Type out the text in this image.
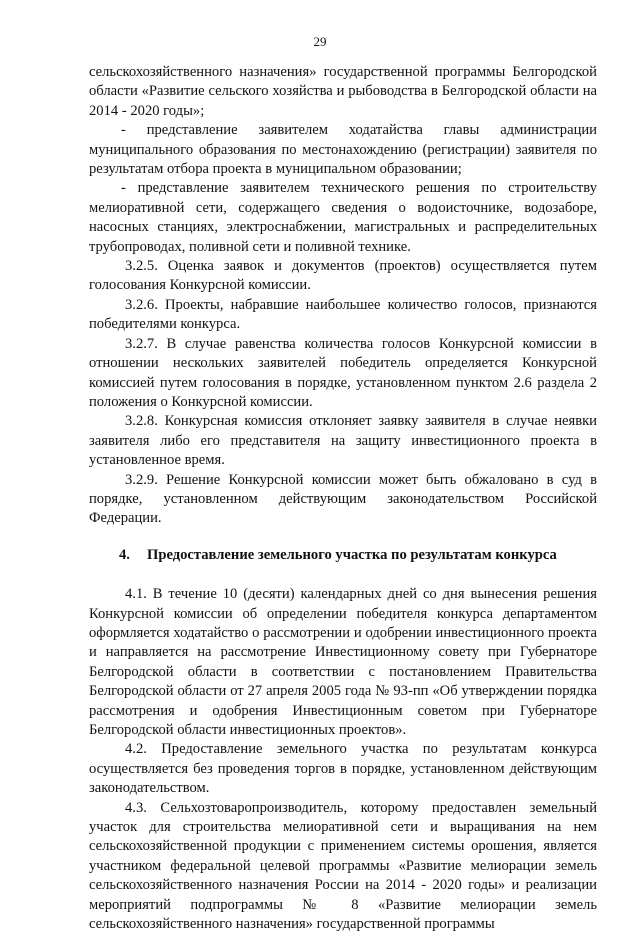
29

сельскохозяйственного назначения» государственной программы Белгородской области «Развитие сельского хозяйства и рыбоводства в Белгородской области на 2014 - 2020 годы»;

- представление заявителем ходатайства главы администрации муниципального образования по местонахождению (регистрации) заявителя по результатам отбора проекта в муниципальном образовании;

- представление заявителем технического решения по строительству мелиоративной сети, содержащего сведения о водоисточнике, водозаборе, насосных станциях, электроснабжении, магистральных и распределительных трубопроводах, поливной сети и поливной технике.

3.2.5. Оценка заявок и документов (проектов) осуществляется путем голосования Конкурсной комиссии.

3.2.6. Проекты, набравшие наибольшее количество голосов, признаются победителями конкурса.

3.2.7. В случае равенства количества голосов Конкурсной комиссии в отношении нескольких заявителей победитель определяется Конкурсной комиссией путем голосования в порядке, установленном пунктом 2.6 раздела 2 положения о Конкурсной комиссии.

3.2.8. Конкурсная комиссия отклоняет заявку заявителя в случае неявки заявителя либо его представителя на защиту инвестиционного проекта в установленное время.

3.2.9. Решение Конкурсной комиссии может быть обжаловано в суд в порядке, установленном действующим законодательством Российской Федерации.

4. Предоставление земельного участка по результатам конкурса

4.1. В течение 10 (десяти) календарных дней со дня вынесения решения Конкурсной комиссии об определении победителя конкурса департаментом оформляется ходатайство о рассмотрении и одобрении инвестиционного проекта и направляется на рассмотрение Инвестиционному совету при Губернаторе Белгородской области в соответствии с постановлением Правительства Белгородской области от 27 апреля 2005 года № 93-пп «Об утверждении порядка рассмотрения и одобрения Инвестиционным советом при Губернаторе Белгородской области инвестиционных проектов».

4.2. Предоставление земельного участка по результатам конкурса осуществляется без проведения торгов в порядке, установленном действующим законодательством.

4.3. Сельхозтоваропроизводитель, которому предоставлен земельный участок для строительства мелиоративной сети и выращивания на нем сельскохозяйственной продукции с применением системы орошения, является участником федеральной целевой программы «Развитие мелиорации земель сельскохозяйственного назначения России на 2014 - 2020 годы» и реализации мероприятий подпрограммы № 8 «Развитие мелиорации земель сельскохозяйственного назначения» государственной программы
